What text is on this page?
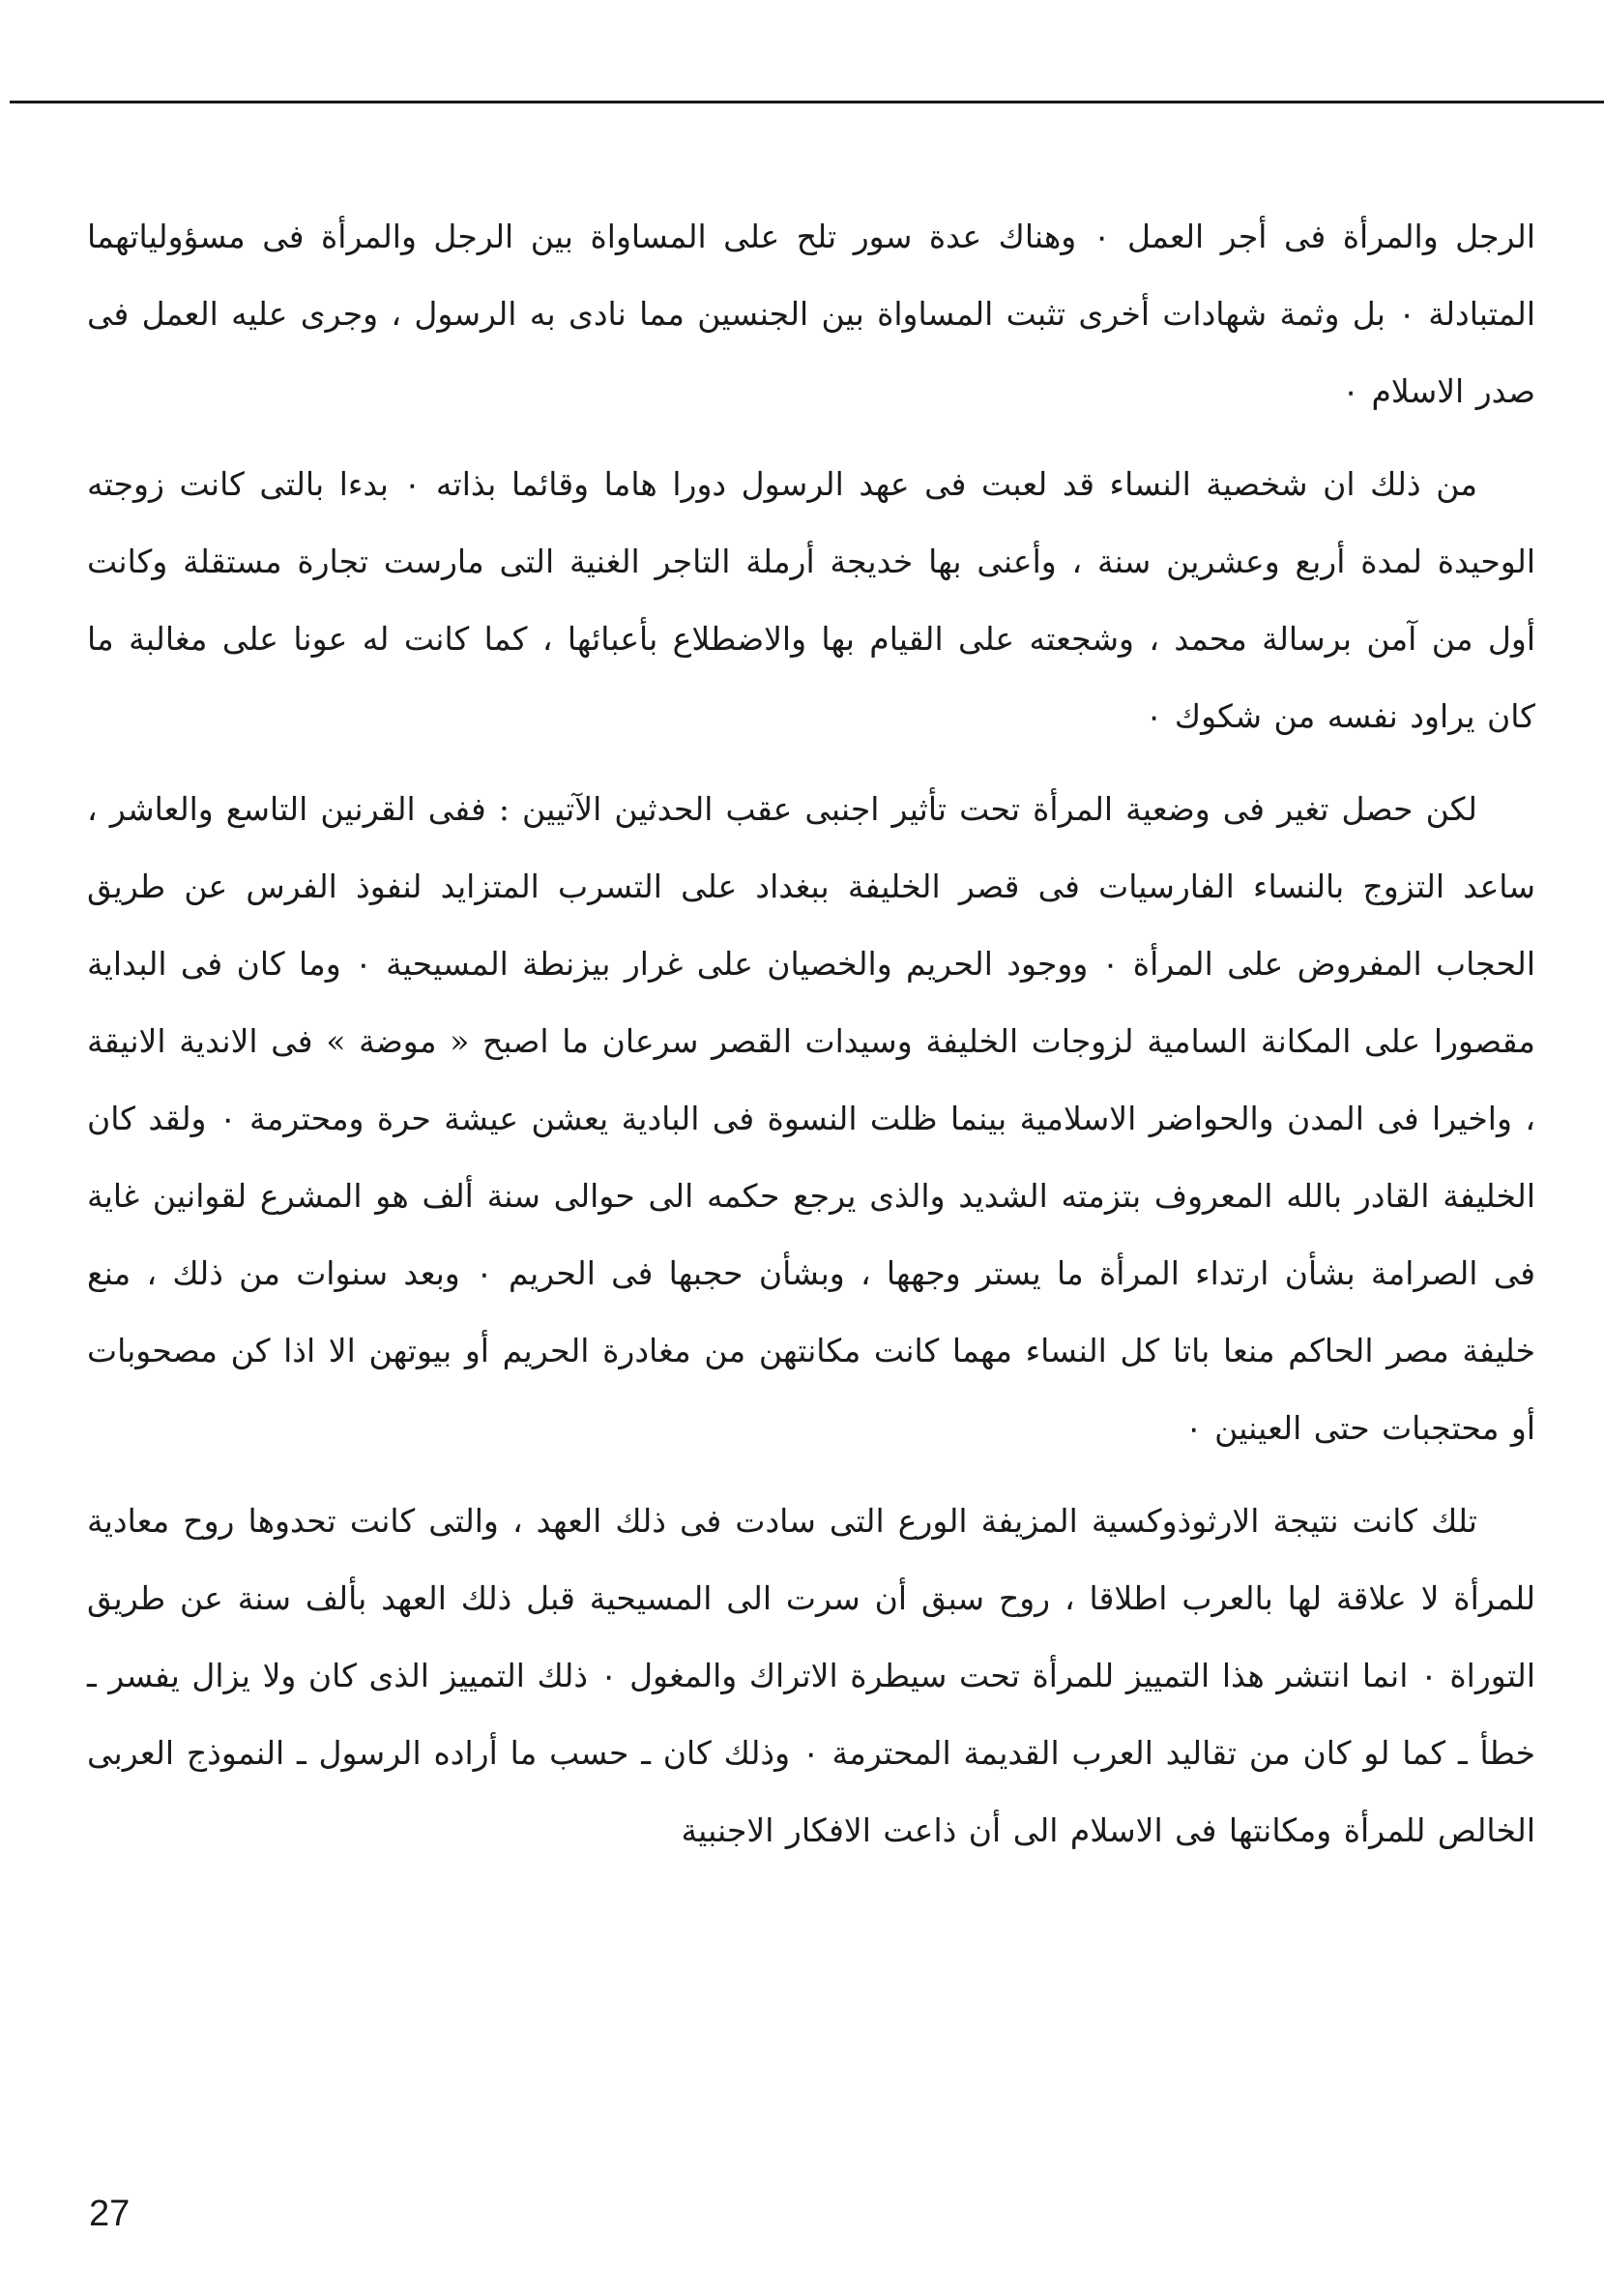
الرجل والمرأة فى أجر العمل ٠ وهناك عدة سور تلح على المساواة بين الرجل والمرأة فى مسؤولياتهما المتبادلة ٠ بل وثمة شهادات أخرى تثبت المساواة بين الجنسين مما نادى به الرسول ، وجرى عليه العمل فى صدر الاسلام ٠

من ذلك ان شخصية النساء قد لعبت فى عهد الرسول دورا هاما وقائما بذاته ٠ بدءا بالتى كانت زوجته الوحيدة لمدة أربع وعشرين سنة ، وأعنى بها خديجة أرملة التاجر الغنية التى مارست تجارة مستقلة وكانت أول من آمن برسالة محمد ، وشجعته على القيام بها والاضطلاع بأعبائها ، كما كانت له عونا على مغالبة ما كان يراود نفسه من شكوك ٠

لكن حصل تغير فى وضعية المرأة تحت تأثير اجنبى عقب الحدثين الآتيين : ففى القرنين التاسع والعاشر ، ساعد التزوج بالنساء الفارسيات فى قصر الخليفة ببغداد على التسرب المتزايد لنفوذ الفرس عن طريق الحجاب المفروض على المرأة ٠ ووجود الحريم والخصيان على غرار بيزنطة المسيحية ٠ وما كان فى البداية مقصورا على المكانة السامية لزوجات الخليفة وسيدات القصر سرعان ما اصبح « موضة » فى الاندية الانيقة ، واخيرا فى المدن والحواضر الاسلامية بينما ظلت النسوة فى البادية يعشن عيشة حرة ومحترمة ٠ ولقد كان الخليفة القادر بالله المعروف بتزمته الشديد والذى يرجع حكمه الى حوالى سنة ألف هو المشرع لقوانين غاية فى الصرامة بشأن ارتداء المرأة ما يستر وجهها ، وبشأن حجبها فى الحريم ٠ وبعد سنوات من ذلك ، منع خليفة مصر الحاكم منعا باتا كل النساء مهما كانت مكانتهن من مغادرة الحريم أو بيوتهن الا اذا كن مصحوبات أو محتجبات حتى العينين ٠

تلك كانت نتيجة الارثوذوكسية المزيفة الورع التى سادت فى ذلك العهد ، والتى كانت تحدوها روح معادية للمرأة لا علاقة لها بالعرب اطلاقا ، روح سبق أن سرت الى المسيحية قبل ذلك العهد بألف سنة عن طريق التوراة ٠ انما انتشر هذا التمييز للمرأة تحت سيطرة الاتراك والمغول ٠ ذلك التمييز الذى كان ولا يزال يفسر ـ خطأ ـ كما لو كان من تقاليد العرب القديمة المحترمة ٠ وذلك كان ـ حسب ما أراده الرسول ـ النموذج العربى الخالص للمرأة ومكانتها فى الاسلام الى أن ذاعت الافكار الاجنبية

27
